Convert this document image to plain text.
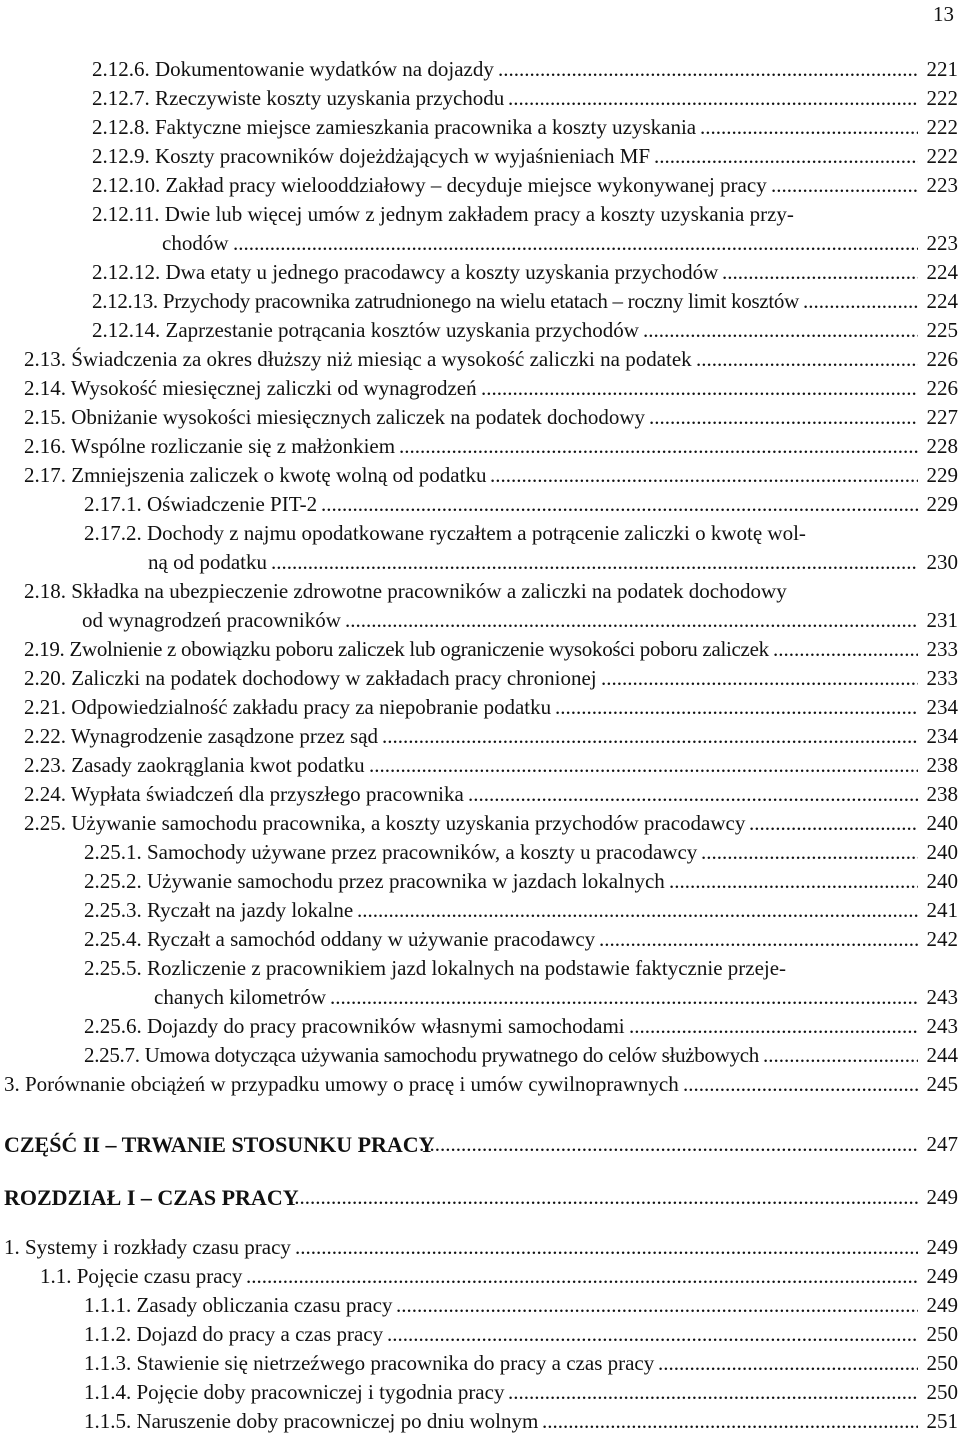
13
2.12.6. Dokumentowanie wydatków na dojazdy .....	221
2.12.7. Rzeczywiste koszty uzyskania przychodu .....	222
2.12.8. Faktyczne miejsce zamieszkania pracownika a koszty uzyskania .....	222
2.12.9. Koszty pracowników dojeżdżających w wyjaśnieniach MF .....	222
2.12.10. Zakład pracy wielooddziałowy – decyduje miejsce wykonywanej pracy .....	223
2.12.11. Dwie lub więcej umów z jednym zakładem pracy a koszty uzyskania przy-
chodów .....	223
2.12.12. Dwa etaty u jednego pracodawcy a koszty uzyskania przychodów .....	224
2.12.13. Przychody pracownika zatrudnionego na wielu etatach – roczny limit kosztów .....	224
2.12.14. Zaprzestanie potrącania kosztów uzyskania przychodów .....	225
2.13. Świadczenia za okres dłuższy niż miesiąc a wysokość zaliczki na podatek .....	226
2.14. Wysokość miesięcznej zaliczki od wynagrodzeń .....	226
2.15. Obniżanie wysokości miesięcznych zaliczek na podatek dochodowy .....	227
2.16. Wspólne rozliczanie się z małżonkiem .....	228
2.17. Zmniejszenia zaliczek o kwotę wolną od podatku .....	229
2.17.1. Oświadczenie PIT-2 .....	229
2.17.2. Dochody z najmu opodatkowane ryczałtem a potrącenie zaliczki o kwotę wol-
ną od podatku .....	230
2.18. Składka na ubezpieczenie zdrowotne pracowników a zaliczki na podatek dochodowy
od wynagrodzeń pracowników .....	231
2.19. Zwolnienie z obowiązku poboru zaliczek lub ograniczenie wysokości poboru zaliczek .....	233
2.20. Zaliczki na podatek dochodowy w zakładach pracy chronionej .....	233
2.21. Odpowiedzialność zakładu pracy za niepobranie podatku .....	234
2.22. Wynagrodzenie zasądzone przez sąd .....	234
2.23. Zasady zaokrąglania kwot podatku .....	238
2.24. Wypłata świadczeń dla przyszłego pracownika .....	238
2.25. Używanie samochodu pracownika, a koszty uzyskania przychodów pracodawcy .....	240
2.25.1. Samochody używane przez pracowników, a koszty u pracodawcy .....	240
2.25.2. Używanie samochodu przez pracownika w jazdach lokalnych .....	240
2.25.3. Ryczałt na jazdy lokalne .....	241
2.25.4. Ryczałt a samochód oddany w używanie pracodawcy .....	242
2.25.5. Rozliczenie z pracownikiem jazd lokalnych na podstawie faktycznie przeje-
chanych kilometrów .....	243
2.25.6. Dojazdy do pracy pracowników własnymi samochodami .....	243
2.25.7. Umowa dotycząca używania samochodu prywatnego do celów służbowych .....	244
3. Porównanie obciążeń w przypadku umowy o pracę i umów cywilnoprawnych .....	245
CZĘŚĆ II – TRWANIE STOSUNKU PRACY .....	247
ROZDZIAŁ I – CZAS PRACY .....	249
1. Systemy i rozkłady czasu pracy .....	249
1.1. Pojęcie czasu pracy .....	249
1.1.1. Zasady obliczania czasu pracy .....	249
1.1.2. Dojazd do pracy a czas pracy .....	250
1.1.3. Stawienie się nietrzeźwego pracownika do pracy a czas pracy .....	250
1.1.4. Pojęcie doby pracowniczej i tygodnia pracy .....	250
1.1.5. Naruszenie doby pracowniczej po dniu wolnym .....	251
